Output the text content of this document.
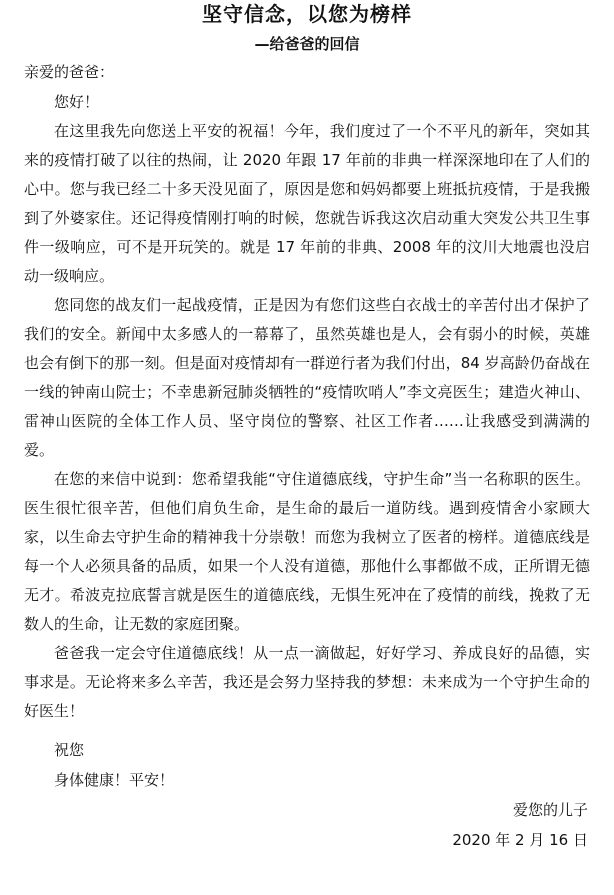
坚守信念，以您为榜样
—给爸爸的回信
亲爱的爸爸：

您好！

在这里我先向您送上平安的祝福！今年，我们度过了一个不平凡的新年，突如其来的疫情打破了以往的热闹，让 2020 年跟 17 年前的非典一样深深地印在了人们的心中。您与我已经二十多天没见面了，原因是您和妈妈都要上班抵抗疫情，于是我搬到了外婆家住。还记得疫情刚打响的时候，您就告诉我这次启动重大突发公共卫生事件一级响应，可不是开玩笑的。就是 17 年前的非典、2008 年的汶川大地震也没启动一级响应。

您同您的战友们一起战疫情，正是因为有您们这些白衣战士的辛苦付出才保护了我们的安全。新闻中太多感人的一幕幕了，虽然英雄也是人，会有弱小的时候，英雄也会有倒下的那一刻。但是面对疫情却有一群逆行者为我们付出，84 岁高龄仍奋战在一线的钟南山院士；不幸患新冠肺炎牺牲的“疫情吹哨人”李文亮医生；建造火神山、雷神山医院的全体工作人员、坚守岗位的警察、社区工作者……让我感受到满满的爱。

在您的来信中说到：您希望我能“守住道德底线，守护生命”当一名称职的医生。医生很忙很辛苦，但他们肩负生命，是生命的最后一道防线。遇到疫情舍小家顾大家，以生命去守护生命的精神我十分崇敬！而您为我树立了医者的榜样。道德底线是每一个人必须具备的品质，如果一个人没有道德，那他什么事都做不成，正所谓无德无才。希波克拉底誓言就是医生的道德底线，无惧生死冲在了疫情的前线，挽救了无数人的生命，让无数的家庭团聚。

爸爸我一定会守住道德底线！从一点一滴做起，好好学习、养成良好的品德，实事求是。无论将来多么辛苦，我还是会努力坚持我的梦想：未来成为一个守护生命的好医生！

祝您
身体健康！平安！
爱您的儿子
2020 年 2 月 16 日
